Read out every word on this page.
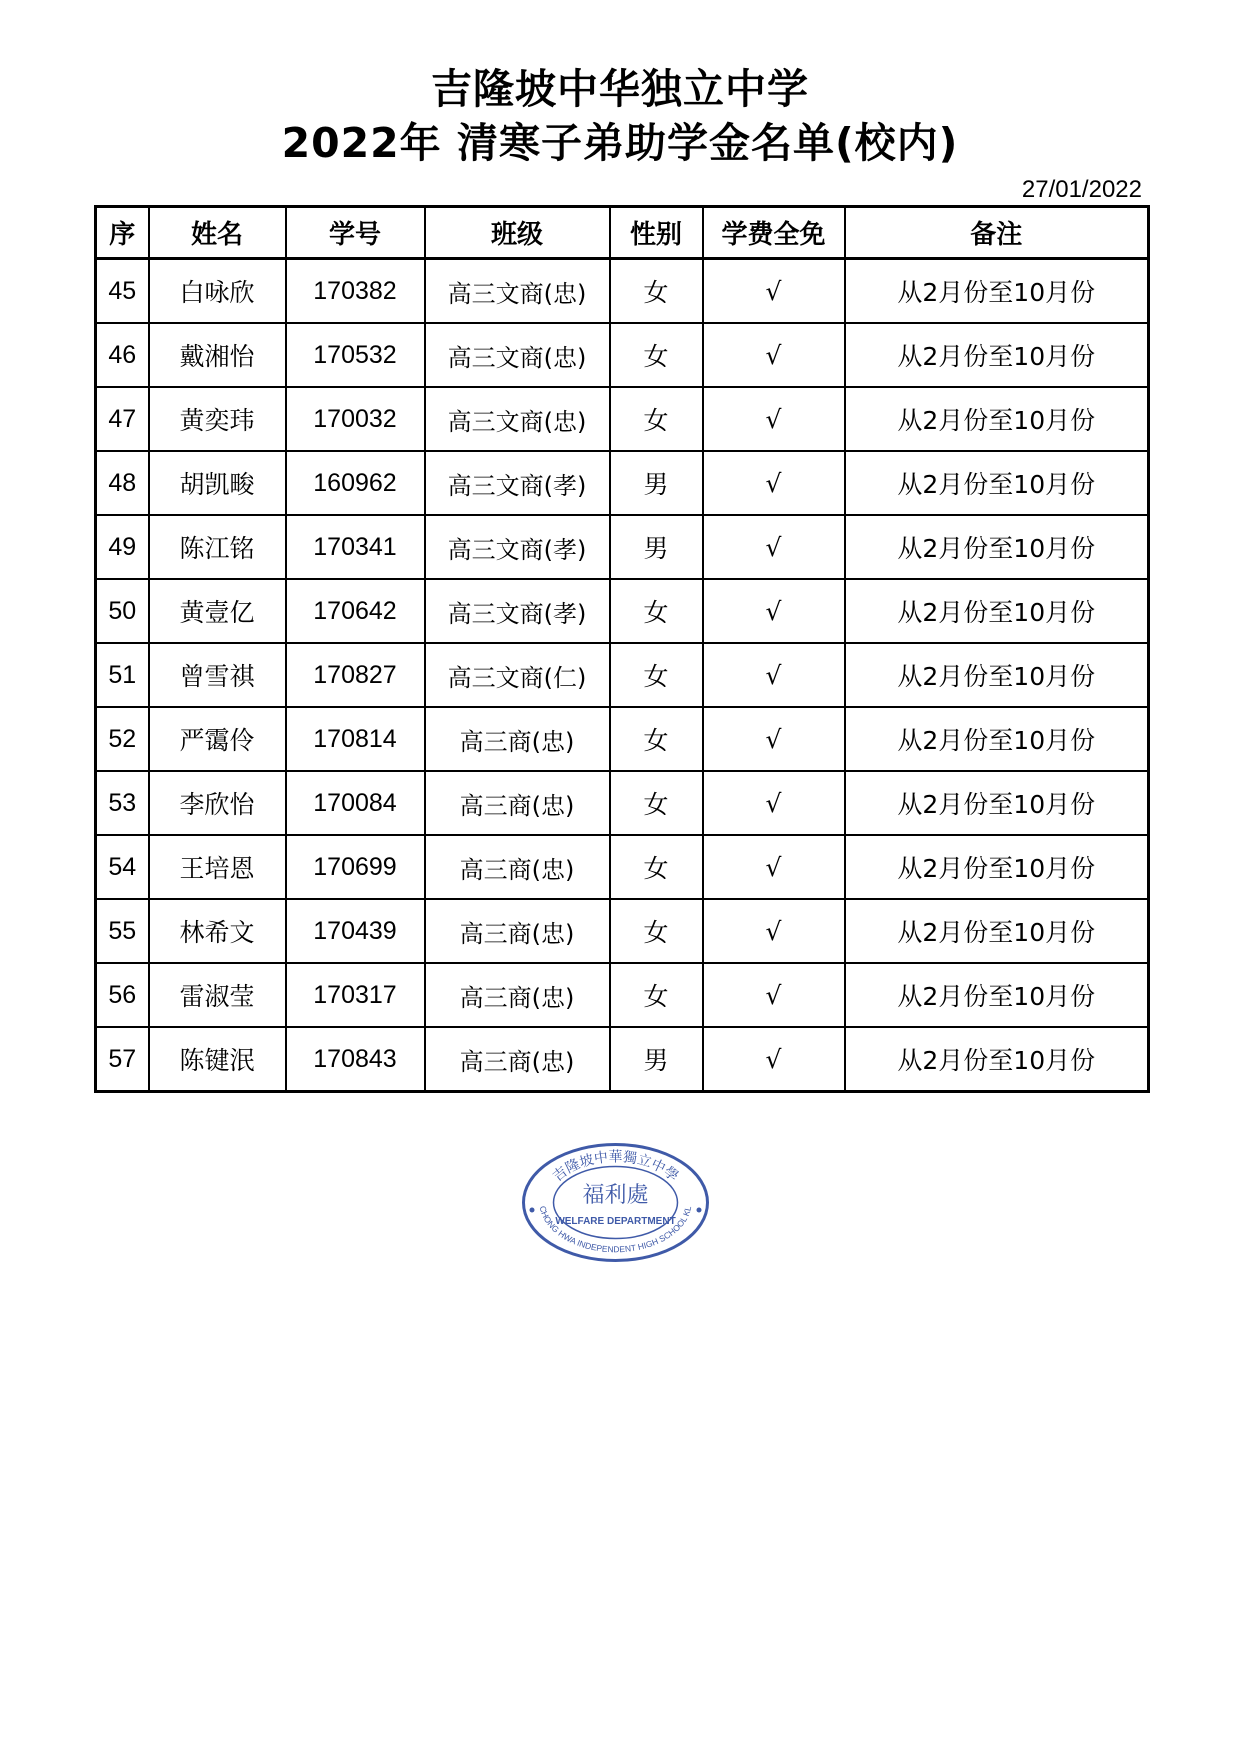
吉隆坡中华独立中学
2022年 清寒子弟助学金名单(校内)
27/01/2022
序	姓名	学号	班级	性别	学费全免	备注
45	白咏欣	170382	高三文商(忠)	女	√	从2月份至10月份
46	戴湘怡	170532	高三文商(忠)	女	√	从2月份至10月份
47	黄奕玮	170032	高三文商(忠)	女	√	从2月份至10月份
48	胡凯畯	160962	高三文商(孝)	男	√	从2月份至10月份
49	陈江铭	170341	高三文商(孝)	男	√	从2月份至10月份
50	黄壹亿	170642	高三文商(孝)	女	√	从2月份至10月份
51	曾雪祺	170827	高三文商(仁)	女	√	从2月份至10月份
52	严霭伶	170814	高三商(忠)	女	√	从2月份至10月份
53	李欣怡	170084	高三商(忠)	女	√	从2月份至10月份
54	王培恩	170699	高三商(忠)	女	√	从2月份至10月份
55	林希文	170439	高三商(忠)	女	√	从2月份至10月份
56	雷淑莹	170317	高三商(忠)	女	√	从2月份至10月份
57	陈键泯	170843	高三商(忠)	男	√	从2月份至10月份
吉隆坡中華獨立中學
福利處
WELFARE DEPARTMENT
CHONG HWA INDEPENDENT HIGH SCHOOL KL
